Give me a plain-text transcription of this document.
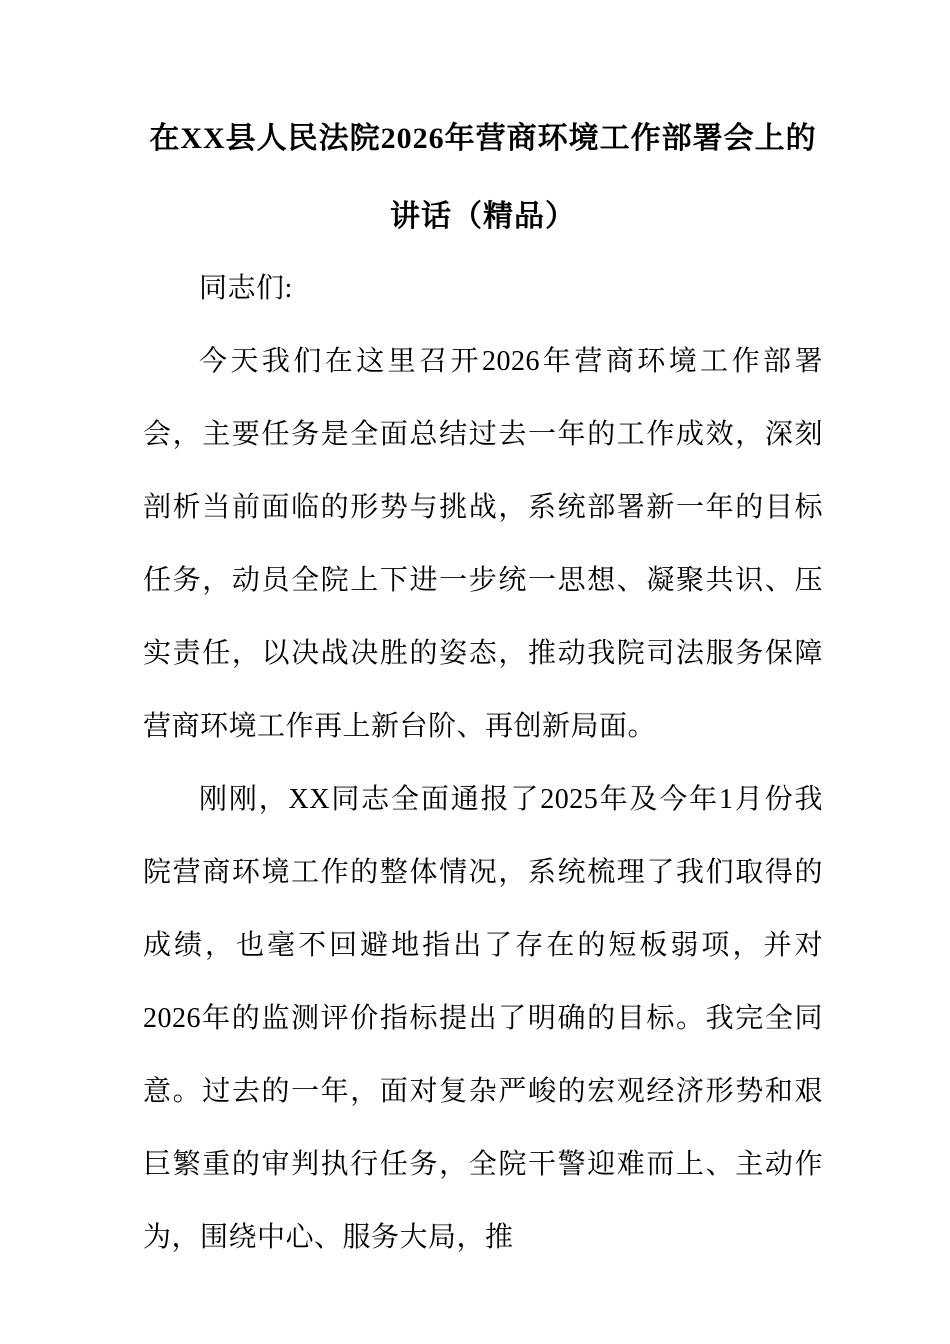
在XX县人民法院2026年营商环境工作部署会上的讲话（精品）

同志们:

今天我们在这里召开2026年营商环境工作部署会，主要任务是全面总结过去一年的工作成效，深刻剖析当前面临的形势与挑战，系统部署新一年的目标任务，动员全院上下进一步统一思想、凝聚共识、压实责任，以决战决胜的姿态，推动我院司法服务保障营商环境工作再上新台阶、再创新局面。

刚刚，XX同志全面通报了2025年及今年1月份我院营商环境工作的整体情况，系统梳理了我们取得的成绩，也毫不回避地指出了存在的短板弱项，并对2026年的监测评价指标提出了明确的目标。我完全同意。过去的一年，面对复杂严峻的宏观经济形势和艰巨繁重的审判执行任务，全院干警迎难而上、主动作为，围绕中心、服务大局，推
